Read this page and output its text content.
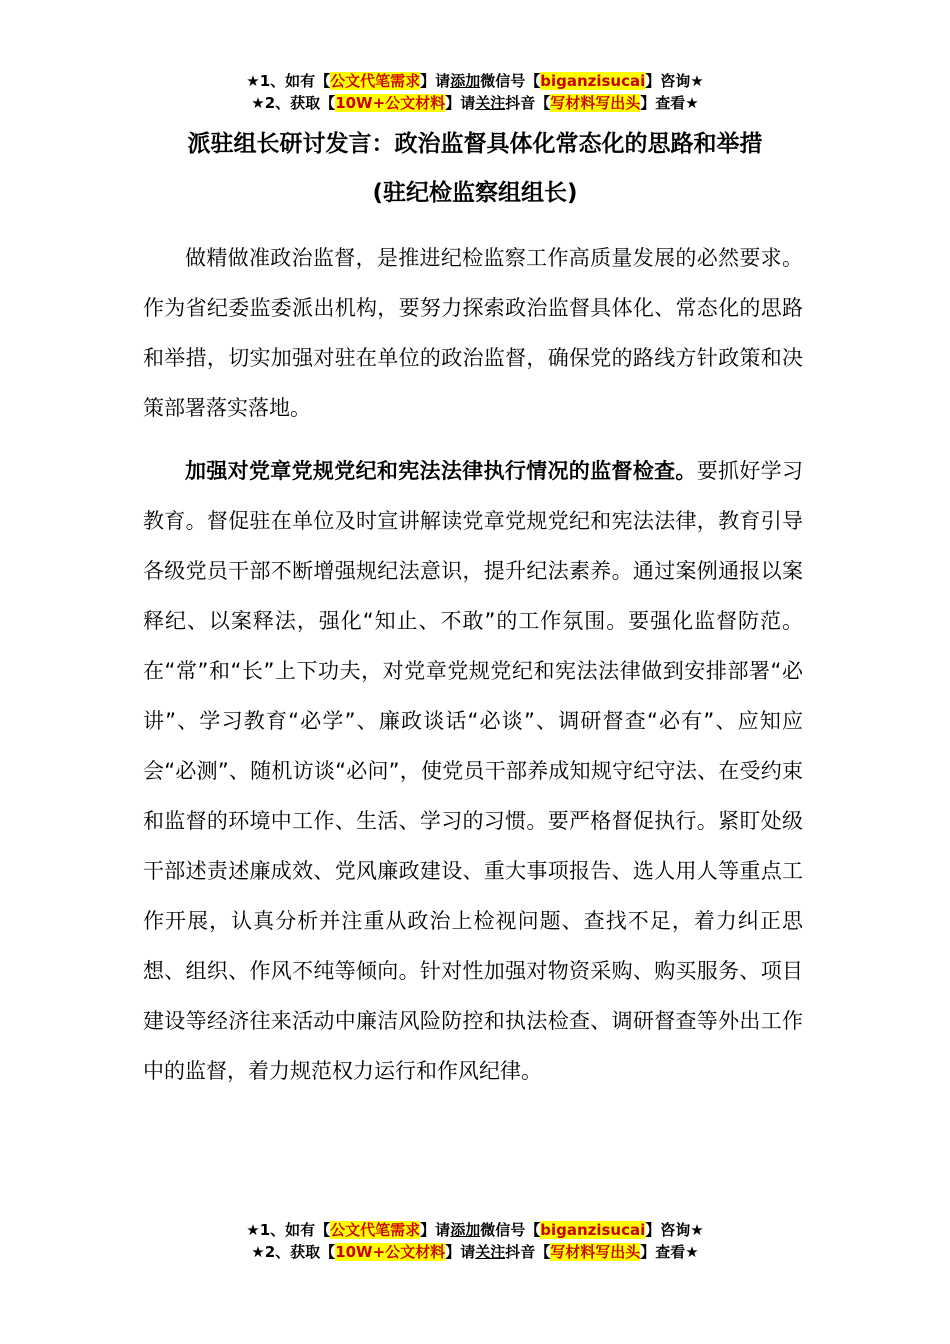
★1、如有【公文代笔需求】请添加微信号【biganzisucai】咨询★
★2、获取【10W+公文材料】请关注抖音【写材料写出头】查看★
派驻组长研讨发言：政治监督具体化常态化的思路和举措
(驻纪检监察组组长)

做精做准政治监督，是推进纪检监察工作高质量发展的必然要求。作为省纪委监委派出机构，要努力探索政治监督具体化、常态化的思路和举措，切实加强对驻在单位的政治监督，确保党的路线方针政策和决策部署落实落地。

加强对党章党规党纪和宪法法律执行情况的监督检查。要抓好学习教育。督促驻在单位及时宣讲解读党章党规党纪和宪法法律，教育引导各级党员干部不断增强规纪法意识，提升纪法素养。通过案例通报以案释纪、以案释法，强化“知止、不敢”的工作氛围。要强化监督防范。在“常”和“长”上下功夫，对党章党规党纪和宪法法律做到安排部署“必讲”、学习教育“必学”、廉政谈话“必谈”、调研督查“必有”、应知应会“必测”、随机访谈“必问”，使党员干部养成知规守纪守法、在受约束和监督的环境中工作、生活、学习的习惯。要严格督促执行。紧盯处级干部述责述廉成效、党风廉政建设、重大事项报告、选人用人等重点工作开展，认真分析并注重从政治上检视问题、查找不足，着力纠正思想、组织、作风不纯等倾向。针对性加强对物资采购、购买服务、项目建设等经济往来活动中廉洁风险防控和执法检查、调研督查等外出工作中的监督，着力规范权力运行和作风纪律。

★1、如有【公文代笔需求】请添加微信号【biganzisucai】咨询★
★2、获取【10W+公文材料】请关注抖音【写材料写出头】查看★
